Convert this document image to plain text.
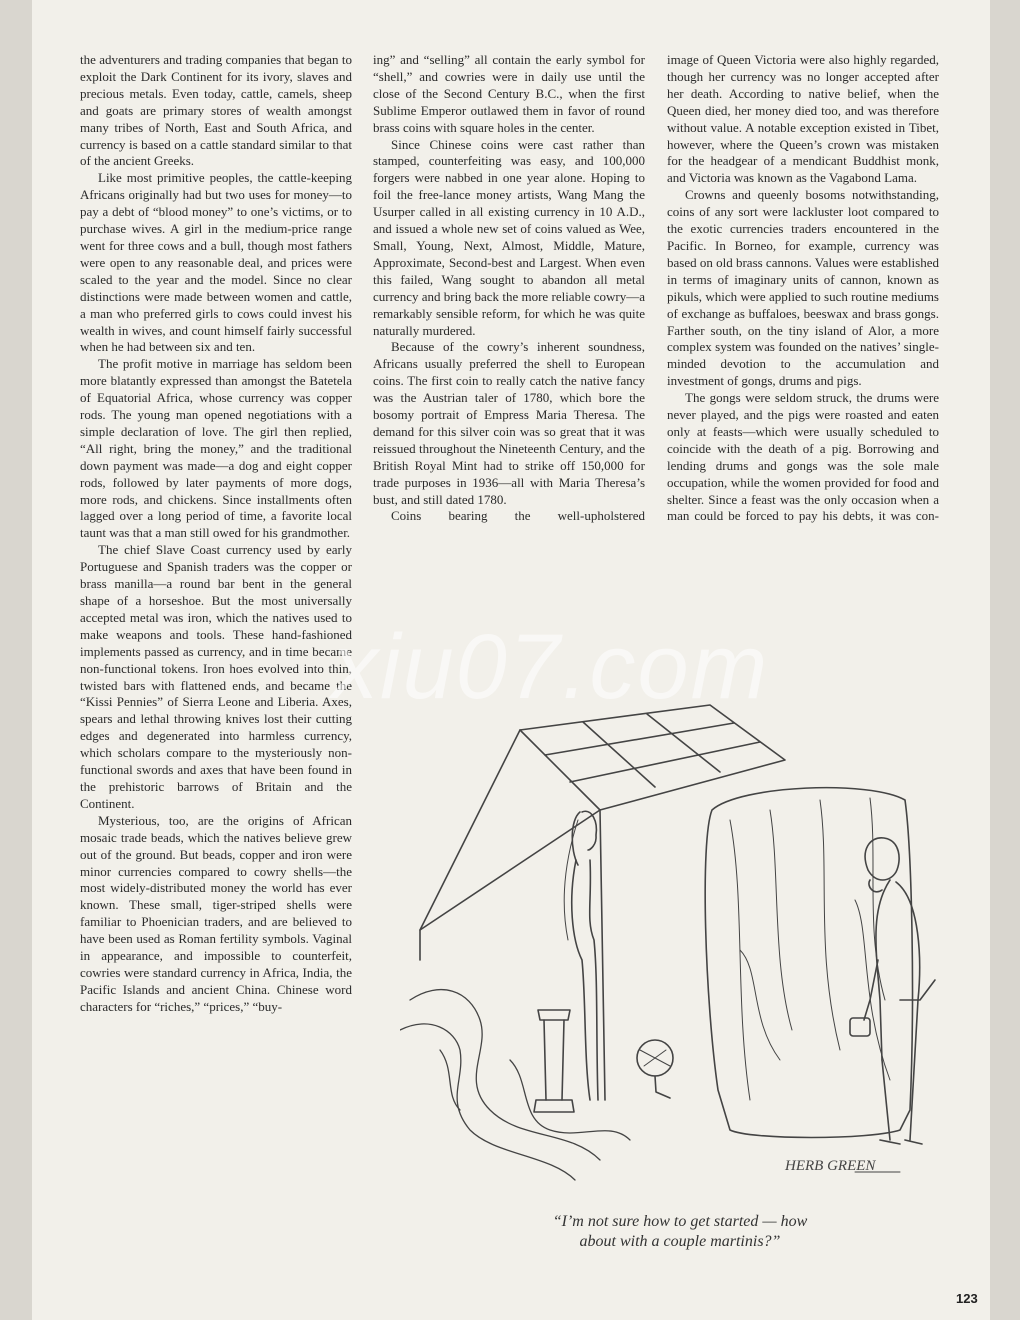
the adventurers and trading companies that began to exploit the Dark Continent for its ivory, slaves and precious metals. Even today, cattle, camels, sheep and goats are primary stores of wealth amongst many tribes of North, East and South Africa, and currency is based on a cattle standard similar to that of the ancient Greeks.

Like most primitive peoples, the cattle-keeping Africans originally had but two uses for money—to pay a debt of “blood money” to one’s victims, or to purchase wives. A girl in the medium-price range went for three cows and a bull, though most fathers were open to any reasonable deal, and prices were scaled to the year and the model. Since no clear distinctions were made between women and cattle, a man who preferred girls to cows could invest his wealth in wives, and count himself fairly successful when he had between six and ten.

The profit motive in marriage has seldom been more blatantly expressed than amongst the Batetela of Equatorial Africa, whose currency was copper rods. The young man opened negotiations with a simple declaration of love. The girl then replied, “All right, bring the money,” and the traditional down payment was made—a dog and eight copper rods, followed by later payments of more dogs, more rods, and chickens. Since installments often lagged over a long period of time, a favorite local taunt was that a man still owed for his grandmother.

The chief Slave Coast currency used by early Portuguese and Spanish traders was the copper or brass manilla—a round bar bent in the general shape of a horseshoe. But the most universally accepted metal was iron, which the natives used to make weapons and tools. These hand-fashioned implements passed as currency, and in time became non-functional tokens. Iron hoes evolved into thin, twisted bars with flattened ends, and became the “Kissi Pennies” of Sierra Leone and Liberia. Axes, spears and lethal throwing knives lost their cutting edges and degenerated into harmless currency, which scholars compare to the mysteriously non-functional swords and axes that have been found in the prehistoric barrows of Britain and the Continent.

Mysterious, too, are the origins of African mosaic trade beads, which the natives believe grew out of the ground. But beads, copper and iron were minor currencies compared to cowry shells—the most widely-distributed money the world has ever known. These small, tiger-striped shells were familiar to Phoenician traders, and are believed to have been used as Roman fertility symbols. Vaginal in appearance, and impossible to counterfeit, cowries were standard currency in Africa, India, the Pacific Islands and ancient China. Chinese word characters for “riches,” “prices,” “buy-

ing” and “selling” all contain the early symbol for “shell,” and cowries were in daily use until the close of the Second Century B.C., when the first Sublime Emperor outlawed them in favor of round brass coins with square holes in the center.

Since Chinese coins were cast rather than stamped, counterfeiting was easy, and 100,000 forgers were nabbed in one year alone. Hoping to foil the free-lance money artists, Wang Mang the Usurper called in all existing currency in 10 A.D., and issued a whole new set of coins valued as Wee, Small, Young, Next, Almost, Middle, Mature, Approximate, Second-best and Largest. When even this failed, Wang sought to abandon all metal currency and bring back the more reliable cowry—a remarkably sensible reform, for which he was quite naturally murdered.

Because of the cowry’s inherent soundness, Africans usually preferred the shell to European coins. The first coin to really catch the native fancy was the Austrian taler of 1780, which bore the bosomy portrait of Empress Maria Theresa. The demand for this silver coin was so great that it was reissued throughout the Nineteenth Century, and the British Royal Mint had to strike off 150,000 for trade purposes in 1936—all with Maria Theresa’s bust, and still dated 1780.

Coins bearing the well-upholstered

image of Queen Victoria were also highly regarded, though her currency was no longer accepted after her death. According to native belief, when the Queen died, her money died too, and was therefore without value. A notable exception existed in Tibet, however, where the Queen’s crown was mistaken for the headgear of a mendicant Buddhist monk, and Victoria was known as the Vagabond Lama.

Crowns and queenly bosoms notwithstanding, coins of any sort were lackluster loot compared to the exotic currencies traders encountered in the Pacific. In Borneo, for example, currency was based on old brass cannons. Values were established in terms of imaginary units of cannon, known as pikuls, which were applied to such routine mediums of exchange as buffaloes, beeswax and brass gongs. Farther south, on the tiny island of Alor, a more complex system was founded on the natives’ single-minded devotion to the accumulation and investment of gongs, drums and pigs.

The gongs were seldom struck, the drums were never played, and the pigs were roasted and eaten only at feasts—which were usually scheduled to coincide with the death of a pig. Borrowing and lending drums and gongs was the sole male occupation, while the women provided for food and shelter. Since a feast was the only occasion when a man could be forced to pay his debts, it was con-

HERB GREEN
“I’m not sure how to get started — how
about with a couple martinis?”
xiu07.com
123
